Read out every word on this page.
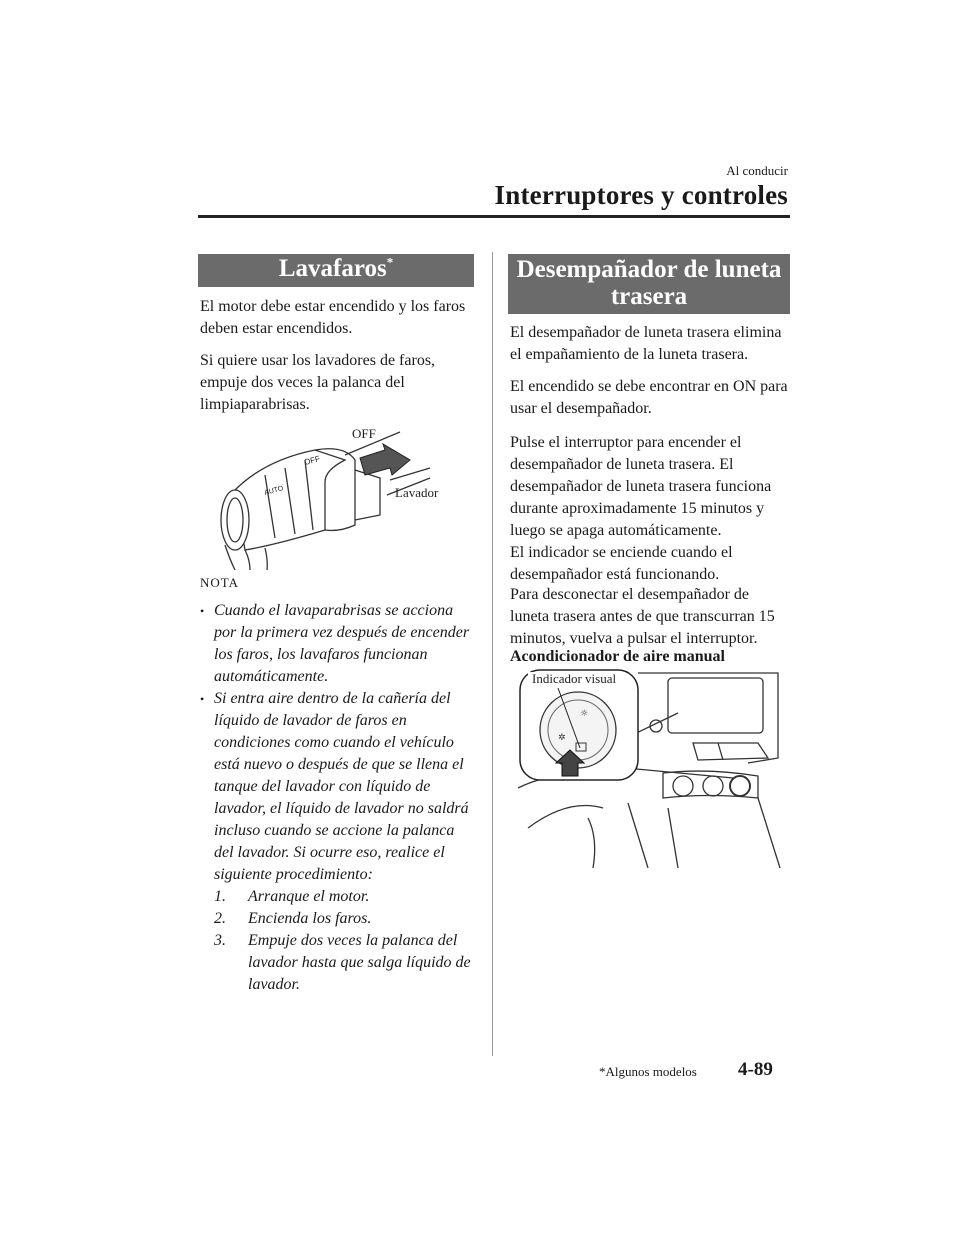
Al conducir
Interruptores y controles
Lavafaros*
El motor debe estar encendido y los faros deben estar encendidos.
Si quiere usar los lavadores de faros, empuje dos veces la palanca del limpiaparabrisas.
OFF
AUTO
OFF
Lavador
NOTA
• Cuando el lavaparabrisas se acciona por la primera vez después de encender los faros, los lavafaros funcionan automáticamente.
• Si entra aire dentro de la cañería del líquido de lavador de faros en condiciones como cuando el vehículo está nuevo o después de que se llena el tanque del lavador con líquido de lavador, el líquido de lavador no saldrá incluso cuando se accione la palanca del lavador. Si ocurre eso, realice el siguiente procedimiento:
1. Arranque el motor.
2. Encienda los faros.
3. Empuje dos veces la palanca del lavador hasta que salga líquido de lavador.
Desempañador de luneta trasera
El desempañador de luneta trasera elimina el empañamiento de la luneta trasera.
El encendido se debe encontrar en ON para usar el desempañador.
Pulse el interruptor para encender el desempañador de luneta trasera. El desempañador de luneta trasera funciona durante aproximadamente 15 minutos y luego se apaga automáticamente.
El indicador se enciende cuando el desempañador está funcionando.
Para desconectar el desempañador de luneta trasera antes de que transcurran 15 minutos, vuelva a pulsar el interruptor.
Acondicionador de aire manual
✲
☼
Indicador visual
*Algunos modelos 4-89
